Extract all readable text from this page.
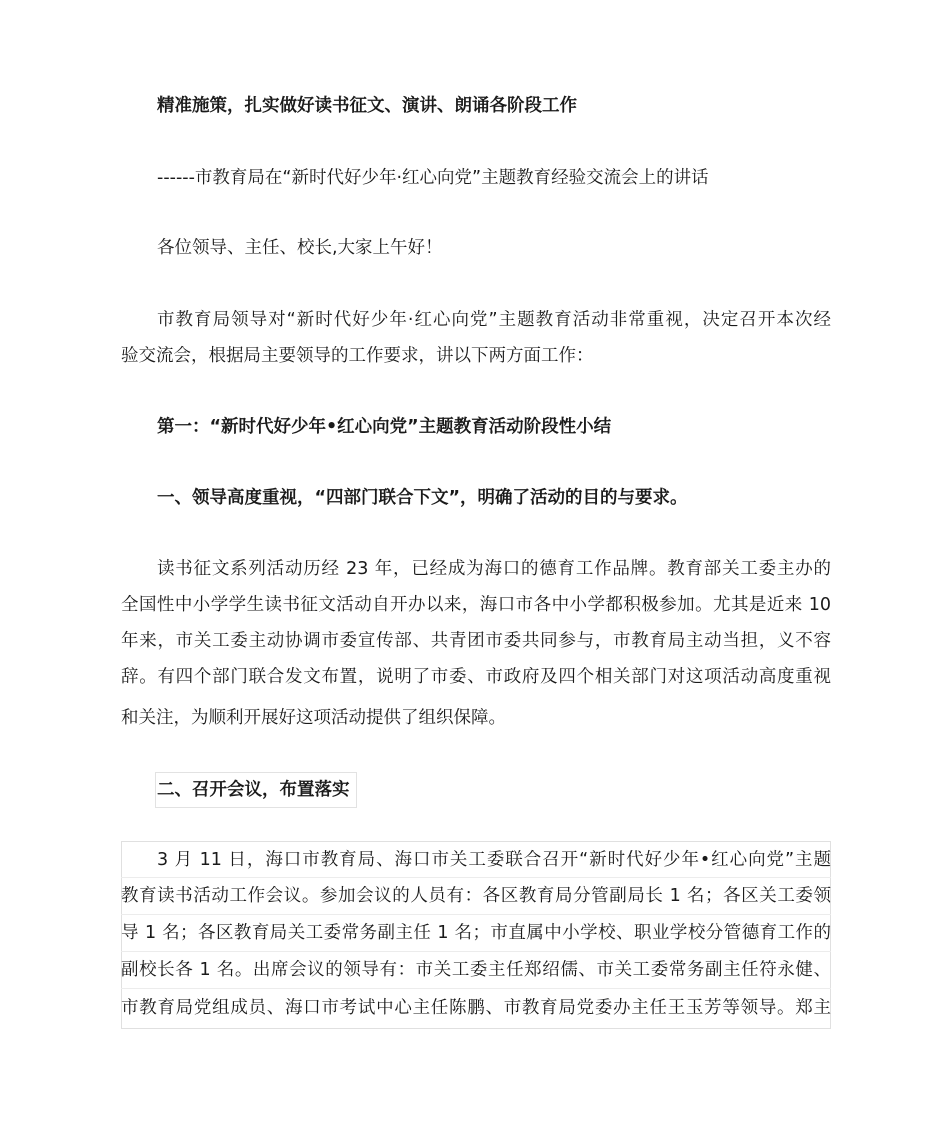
精准施策，扎实做好读书征文、演讲、朗诵各阶段工作

------市教育局在“新时代好少年·红心向党”主题教育经验交流会上的讲话

各位领导、主任、校长,大家上午好！

市教育局领导对“新时代好少年·红心向党”主题教育活动非常重视，决定召开本次经

验交流会，根据局主要领导的工作要求，讲以下两方面工作：

第一：“新时代好少年•红心向党”主题教育活动阶段性小结

一、领导高度重视，“四部门联合下文”，明确了活动的目的与要求。

读书征文系列活动历经 23 年，已经成为海口的德育工作品牌。教育部关工委主办的

全国性中小学学生读书征文活动自开办以来，海口市各中小学都积极参加。尤其是近来 10

年来，市关工委主动协调市委宣传部、共青团市委共同参与，市教育局主动当担，义不容

辞。有四个部门联合发文布置，说明了市委、市政府及四个相关部门对这项活动高度重视

和关注，为顺利开展好这项活动提供了组织保障。

二、召开会议，布置落实

3 月 11 日，海口市教育局、海口市关工委联合召开“新时代好少年•红心向党”主题

教育读书活动工作会议。参加会议的人员有：各区教育局分管副局长 1 名；各区关工委领

导 1 名；各区教育局关工委常务副主任 1 名；市直属中小学校、职业学校分管德育工作的

副校长各 1 名。出席会议的领导有：市关工委主任郑绍儒、市关工委常务副主任符永健、

市教育局党组成员、海口市考试中心主任陈鹏、市教育局党委办主任王玉芳等领导。郑主
